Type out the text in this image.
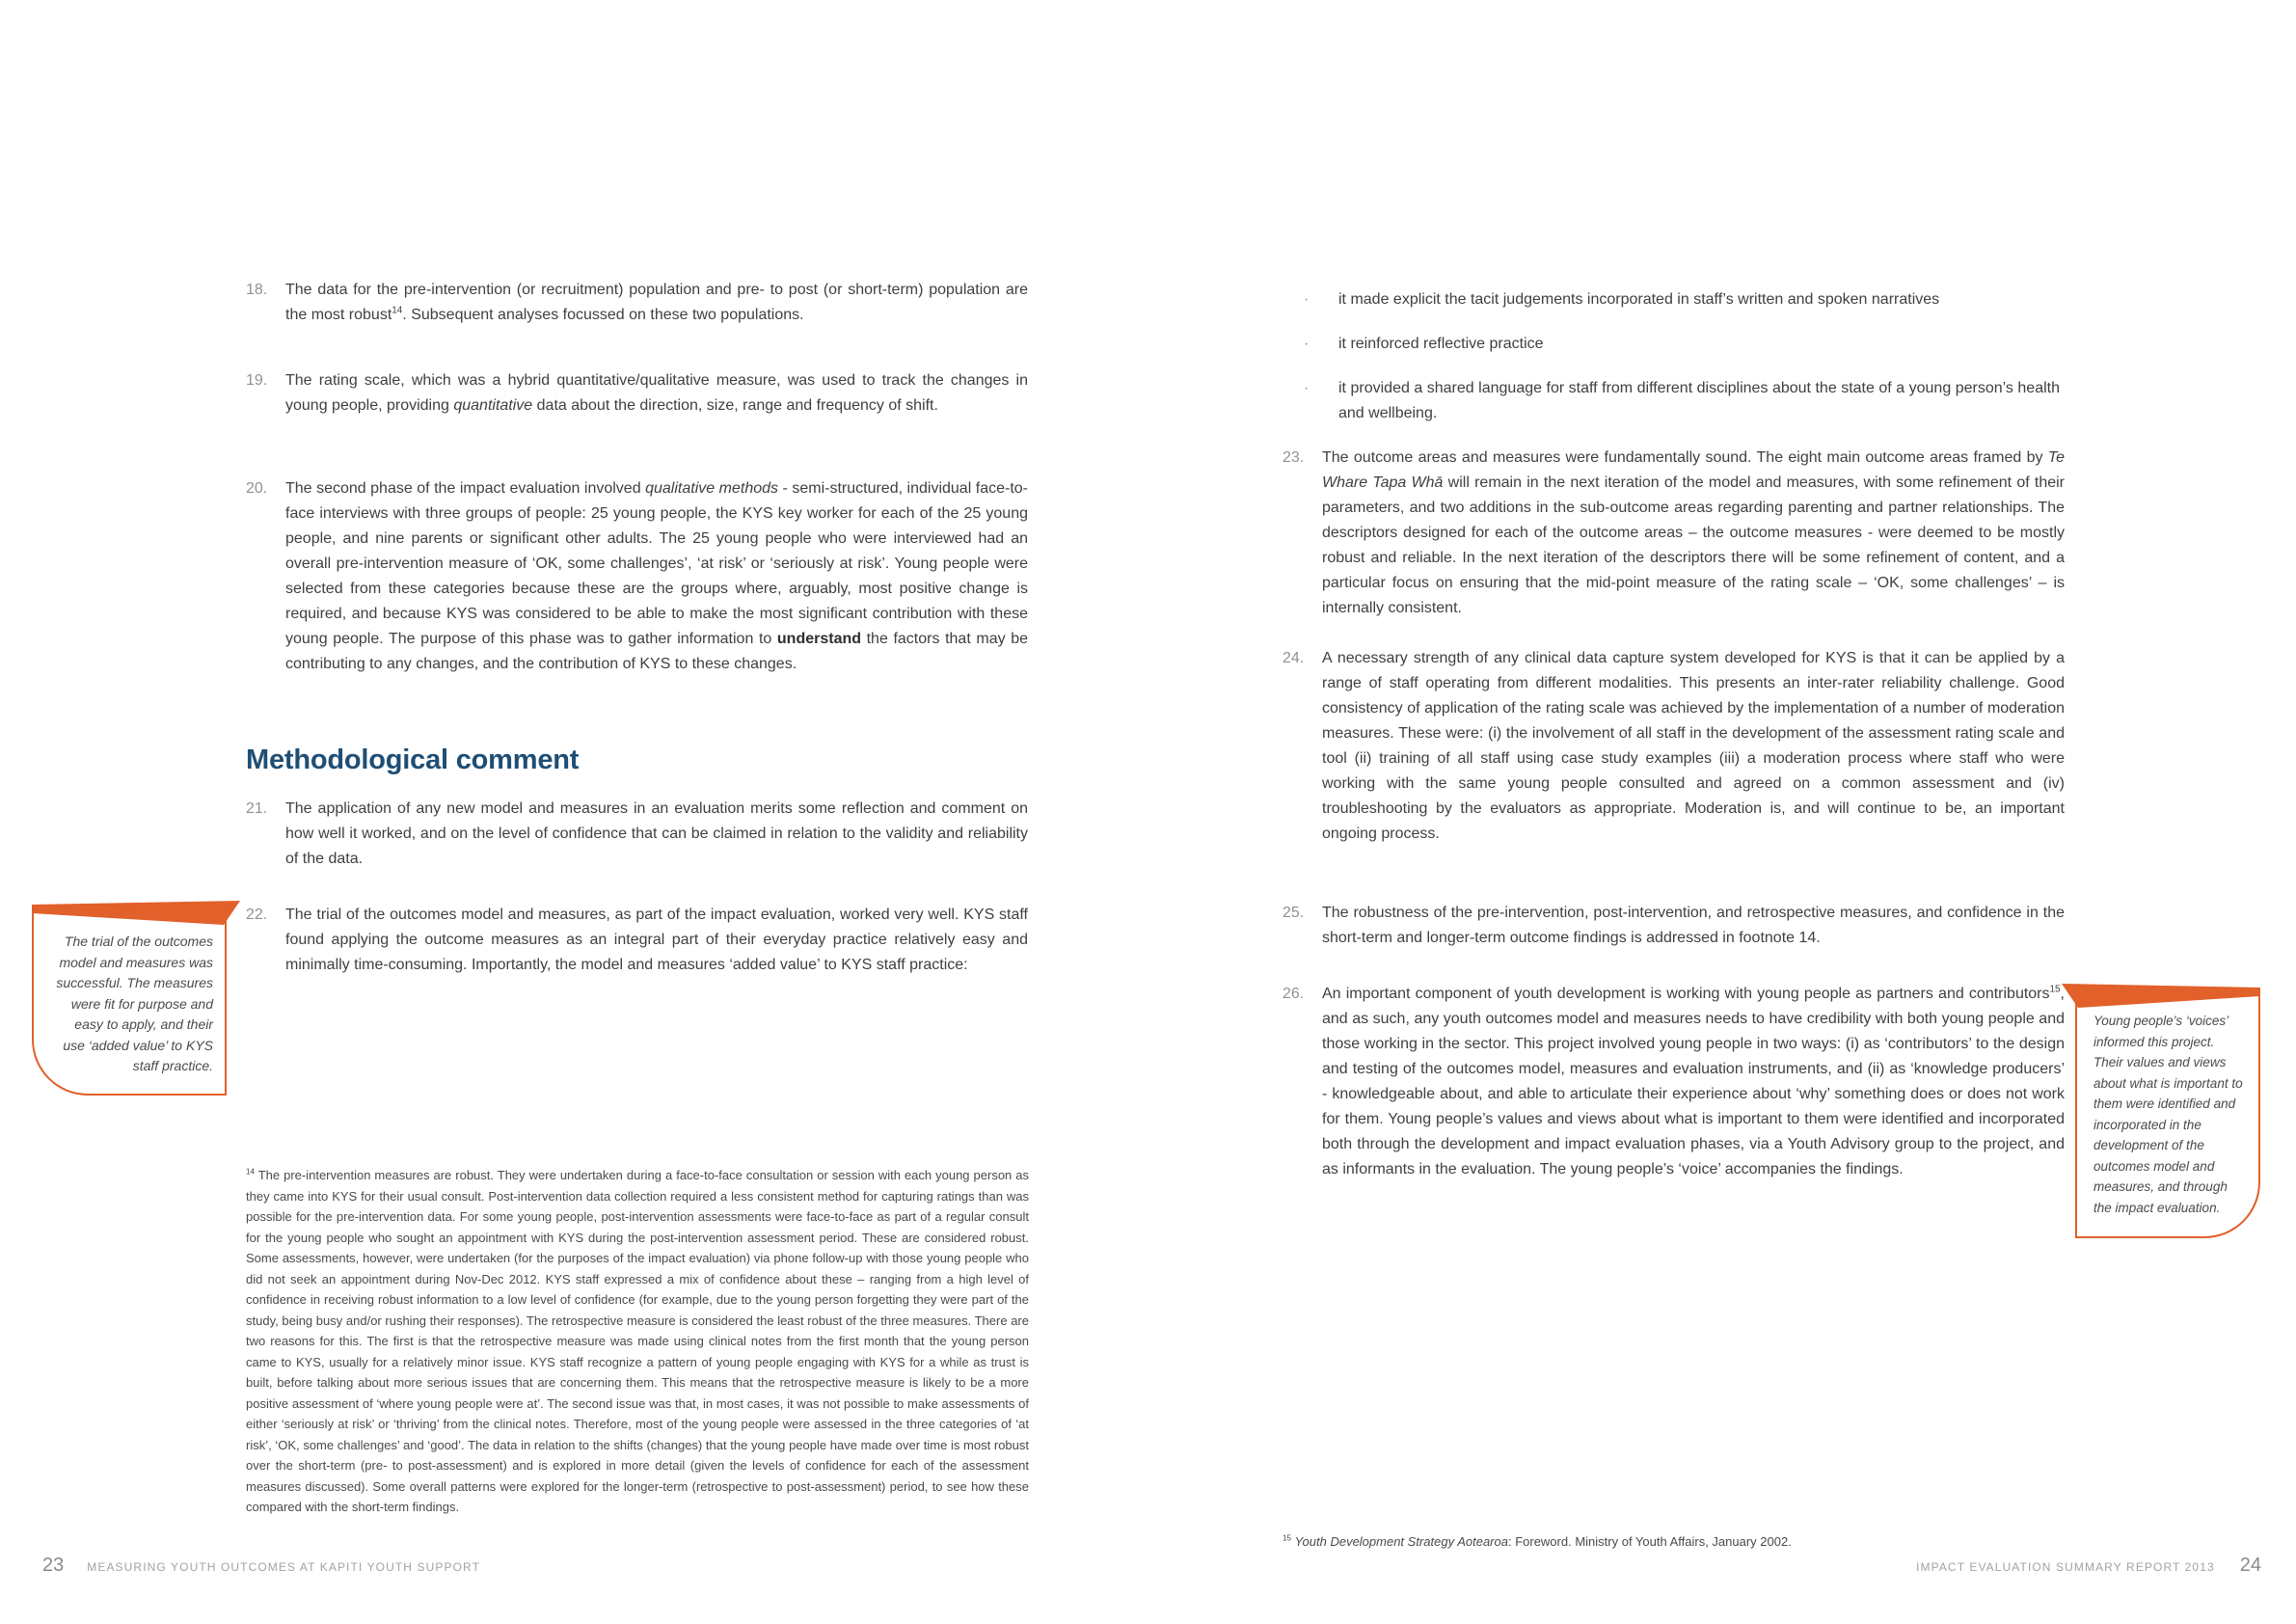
18.	The data for the pre-intervention (or recruitment) population and pre- to post (or short-term) population are the most robust$^{14}$. Subsequent analyses focussed on these two populations.
19.	The rating scale, which was a hybrid quantitative/qualitative measure, was used to track the changes in young people, providing quantitative data about the direction, size, range and frequency of shift.
20.	The second phase of the impact evaluation involved qualitative methods - semi-structured, individual face-to-face interviews with three groups of people: 25 young people, the KYS key worker for each of the 25 young people, and nine parents or significant other adults. The 25 young people who were interviewed had an overall pre-intervention measure of ‘OK, some challenges’, ‘at risk’ or ‘seriously at risk’. Young people were selected from these categories because these are the groups where, arguably, most positive change is required, and because KYS was considered to be able to make the most significant contribution with these young people. The purpose of this phase was to gather information to understand the factors that may be contributing to any changes, and the contribution of KYS to these changes.
Methodological comment
21.	The application of any new model and measures in an evaluation merits some reflection and comment on how well it worked, and on the level of confidence that can be claimed in relation to the validity and reliability of the data.
22.	The trial of the outcomes model and measures, as part of the impact evaluation, worked very well. KYS staff found applying the outcome measures as an integral part of their everyday practice relatively easy and minimally time-consuming. Importantly, the model and measures ‘added value’ to KYS staff practice:
The trial of the outcomes model and measures was successful. The measures were fit for purpose and easy to apply, and their use ‘added value’ to KYS staff practice.
$^{14}$ The pre-intervention measures are robust. They were undertaken during a face-to-face consultation or session with each young person as they came into KYS for their usual consult. Post-intervention data collection required a less consistent method for capturing ratings than was possible for the pre-intervention data. For some young people, post-intervention assessments were face-to-face as part of a regular consult for the young people who sought an appointment with KYS during the post-intervention assessment period. These are considered robust. Some assessments, however, were undertaken (for the purposes of the impact evaluation) via phone follow-up with those young people who did not seek an appointment during Nov-Dec 2012. KYS staff expressed a mix of confidence about these – ranging from a high level of confidence in receiving robust information to a low level of confidence (for example, due to the young person forgetting they were part of the study, being busy and/or rushing their responses). The retrospective measure is considered the least robust of the three measures. There are two reasons for this. The first is that the retrospective measure was made using clinical notes from the first month that the young person came to KYS, usually for a relatively minor issue. KYS staff recognize a pattern of young people engaging with KYS for a while as trust is built, before talking about more serious issues that are concerning them. This means that the retrospective measure is likely to be a more positive assessment of ‘where young people were at’. The second issue was that, in most cases, it was not possible to make assessments of either ‘seriously at risk’ or ‘thriving’ from the clinical notes. Therefore, most of the young people were assessed in the three categories of ‘at risk’, ‘OK, some challenges’ and ‘good’. The data in relation to the shifts (changes) that the young people have made over time is most robust over the short-term (pre- to post-assessment) and is explored in more detail (given the levels of confidence for each of the assessment measures discussed). Some overall patterns were explored for the longer-term (retrospective to post-assessment) period, to see how these compared with the short-term findings.
23 MEASURING YOUTH OUTCOMES AT KAPITI YOUTH SUPPORT
·	it made explicit the tacit judgements incorporated in staff’s written and spoken narratives
·	it reinforced reflective practice
·	it provided a shared language for staff from different disciplines about the state of a young person’s health and wellbeing.
23.	The outcome areas and measures were fundamentally sound. The eight main outcome areas framed by Te Whare Tapa Whā will remain in the next iteration of the model and measures, with some refinement of their parameters, and two additions in the sub-outcome areas regarding parenting and partner relationships. The descriptors designed for each of the outcome areas – the outcome measures - were deemed to be mostly robust and reliable. In the next iteration of the descriptors there will be some refinement of content, and a particular focus on ensuring that the mid-point measure of the rating scale – ‘OK, some challenges’ – is internally consistent.
24.	A necessary strength of any clinical data capture system developed for KYS is that it can be applied by a range of staff operating from different modalities. This presents an inter-rater reliability challenge. Good consistency of application of the rating scale was achieved by the implementation of a number of moderation measures. These were: (i) the involvement of all staff in the development of the assessment rating scale and tool (ii) training of all staff using case study examples (iii) a moderation process where staff who were working with the same young people consulted and agreed on a common assessment and (iv) troubleshooting by the evaluators as appropriate. Moderation is, and will continue to be, an important ongoing process.
25.	The robustness of the pre-intervention, post-intervention, and retrospective measures, and confidence in the short-term and longer-term outcome findings is addressed in footnote 14.
26.	An important component of youth development is working with young people as partners and contributors$^{15}$, and as such, any youth outcomes model and measures needs to have credibility with both young people and those working in the sector. This project involved young people in two ways: (i) as ‘contributors’ to the design and testing of the outcomes model, measures and evaluation instruments, and (ii) as ‘knowledge producers’ - knowledgeable about, and able to articulate their experience about ‘why’ something does or does not work for them. Young people’s values and views about what is important to them were identified and incorporated both through the development and impact evaluation phases, via a Youth Advisory group to the project, and as informants in the evaluation. The young people’s ‘voice’ accompanies the findings.
Young people’s ‘voices’ informed this project. Their values and views about what is important to them were identified and incorporated in the development of the outcomes model and measures, and through the impact evaluation.
$^{15}$ Youth Development Strategy Aotearoa: Foreword. Ministry of Youth Affairs, January 2002.
IMPACT EVALUATION SUMMARY REPORT 2013 24
